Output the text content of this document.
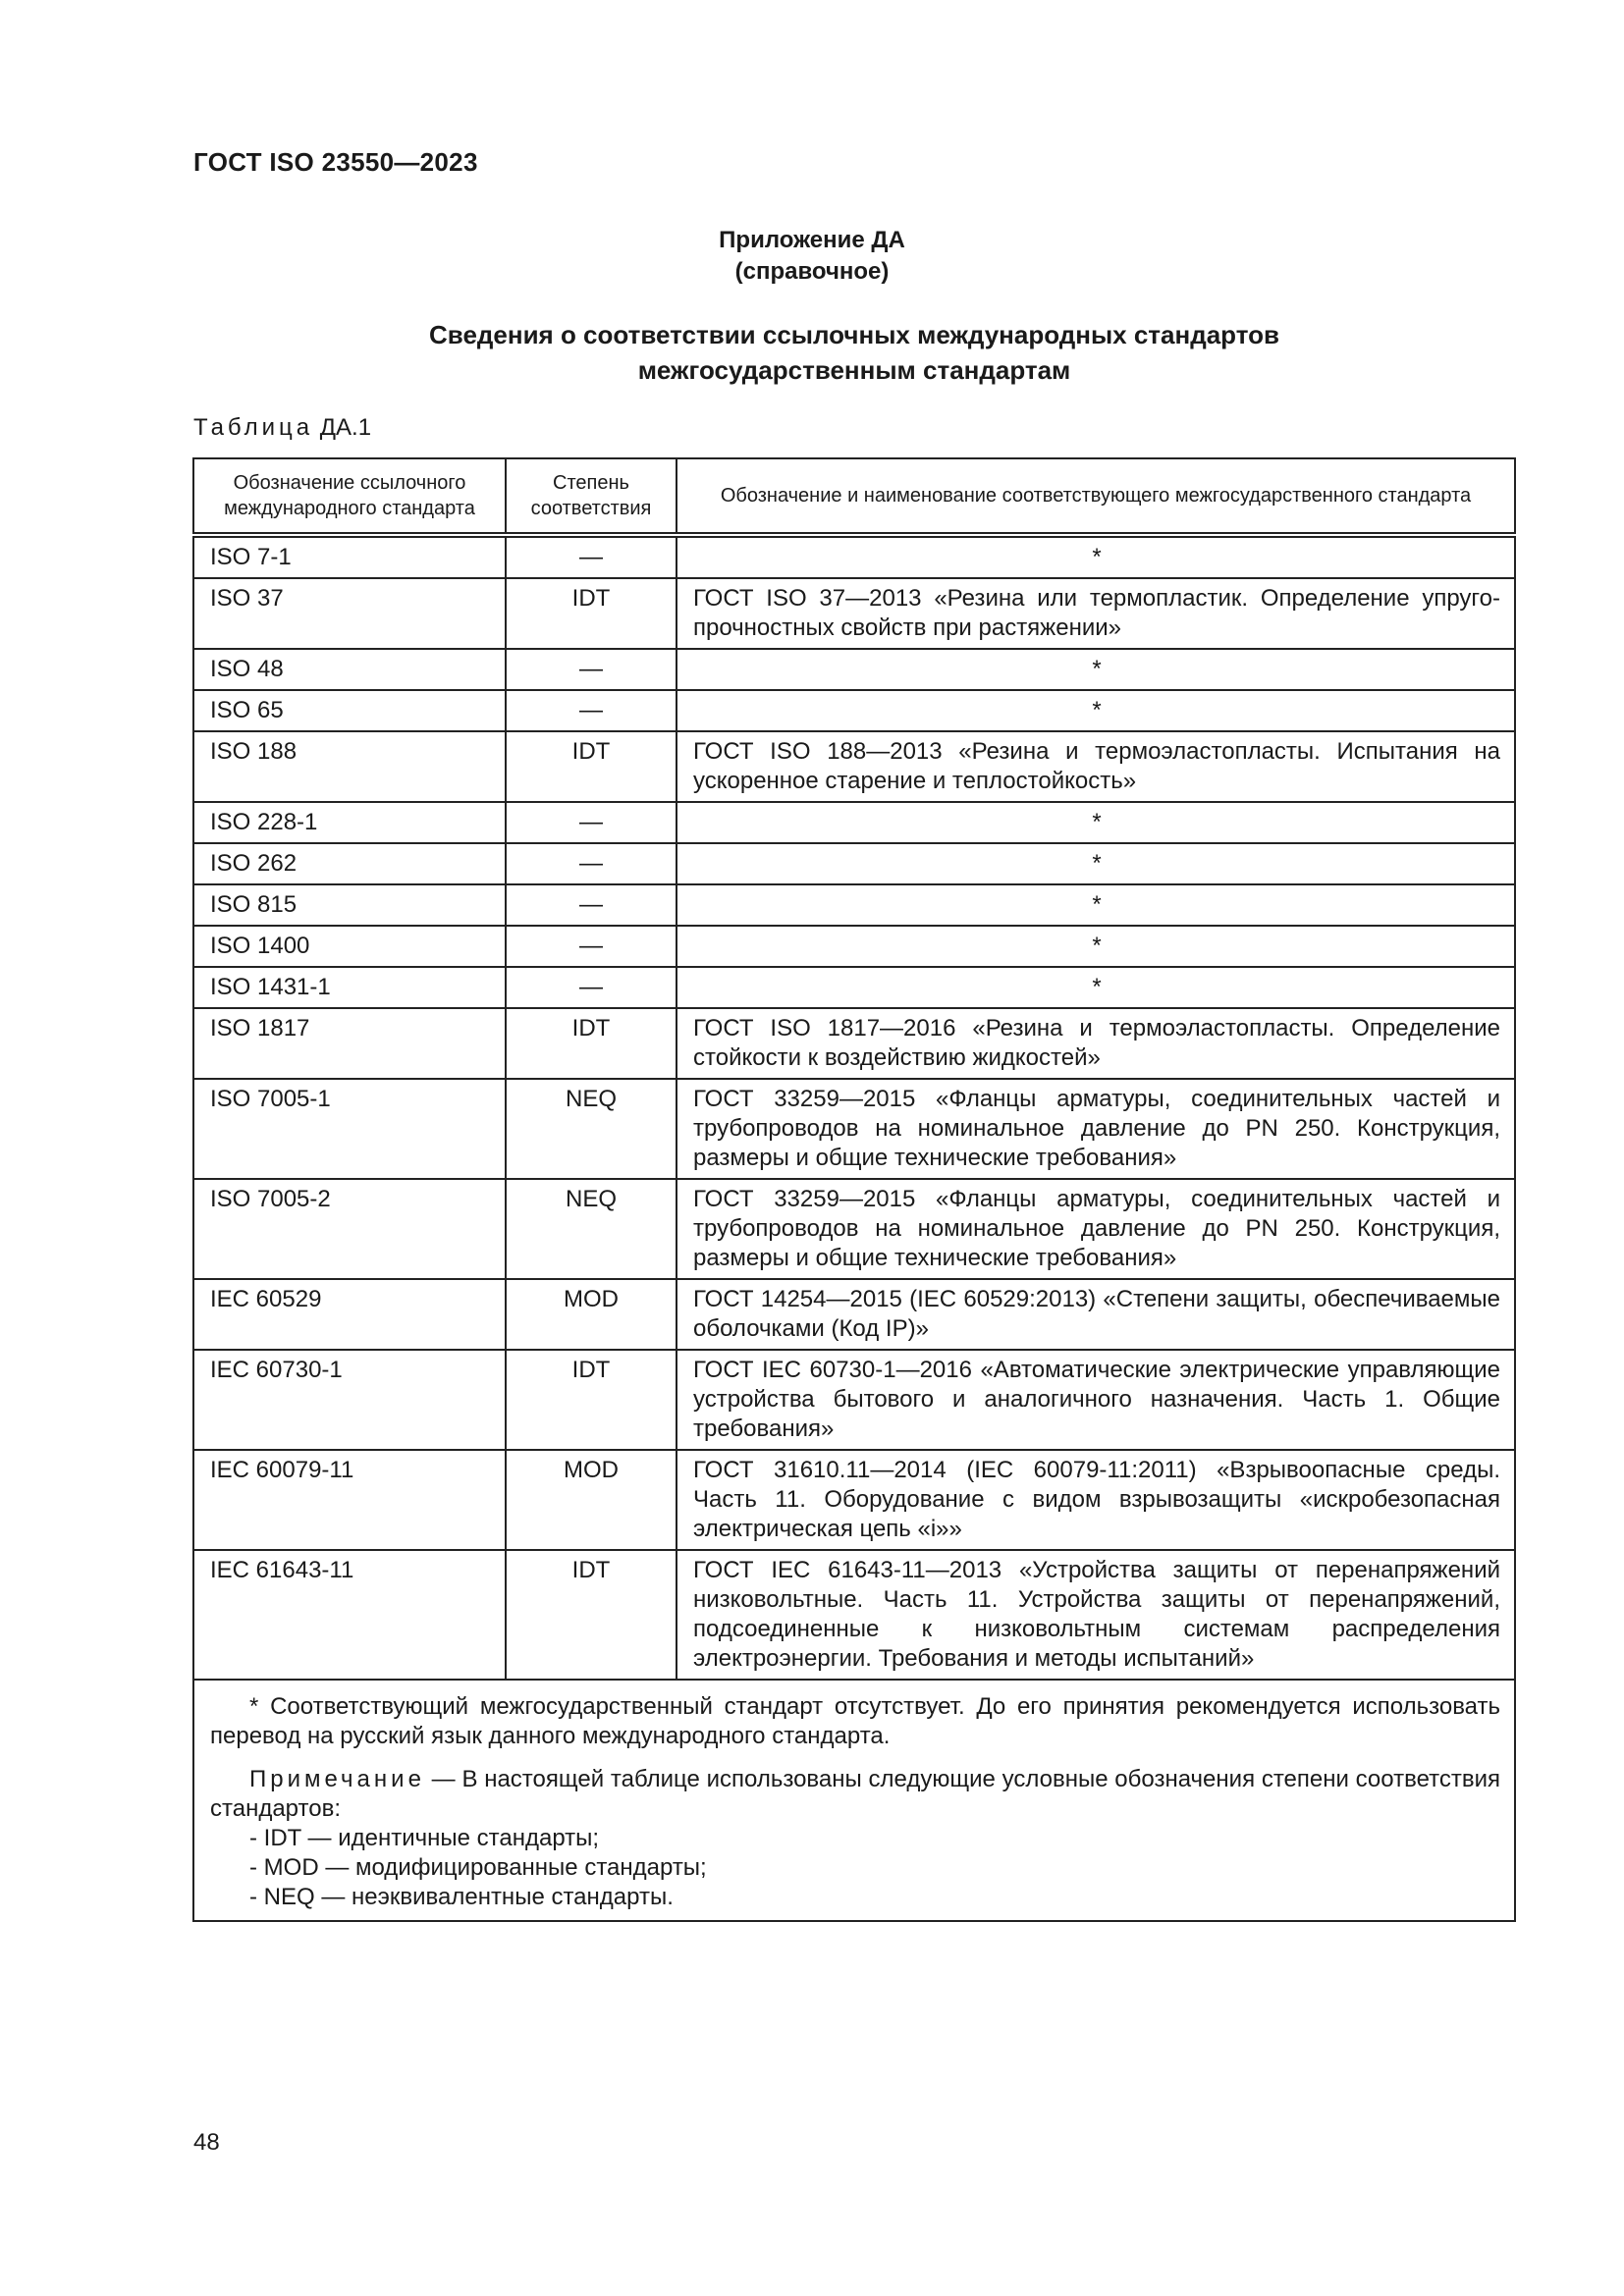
ГОСТ ISO 23550—2023
Приложение ДА
(справочное)
Сведения о соответствии ссылочных международных стандартов
межгосударственным стандартам
Таблица ДА.1
Обозначение ссылочного международного стандарта	Степень соответствия	Обозначение и наименование соответствующего межгосударственного стандарта
ISO 7-1	—	*
ISO 37	IDT	ГОСТ ISO 37—2013 «Резина или термопластик. Определение упруго-прочностных свойств при растяжении»
ISO 48	—	*
ISO 65	—	*
ISO 188	IDT	ГОСТ ISO 188—2013 «Резина и термоэластопласты. Испытания на ускоренное старение и теплостойкость»
ISO 228-1	—	*
ISO 262	—	*
ISO 815	—	*
ISO 1400	—	*
ISO 1431-1	—	*
ISO 1817	IDT	ГОСТ ISO 1817—2016 «Резина и термоэластопласты. Определение стойкости к воздействию жидкостей»
ISO 7005-1	NEQ	ГОСТ 33259—2015 «Фланцы арматуры, соединительных частей и трубопроводов на номинальное давление до PN 250. Конструкция, размеры и общие технические требования»
ISO 7005-2	NEQ	ГОСТ 33259—2015 «Фланцы арматуры, соединительных частей и трубопроводов на номинальное давление до PN 250. Конструкция, размеры и общие технические требования»
IEC 60529	MOD	ГОСТ 14254—2015 (IEC 60529:2013) «Степени защиты, обеспечиваемые оболочками (Код IP)»
IEC 60730-1	IDT	ГОСТ IEC 60730-1—2016 «Автоматические электрические управляющие устройства бытового и аналогичного назначения. Часть 1. Общие требования»
IEC 60079-11	MOD	ГОСТ 31610.11—2014 (IEC 60079-11:2011) «Взрывоопасные среды. Часть 11. Оборудование с видом взрывозащиты «искробезопасная электрическая цепь «i»»
IEC 61643-11	IDT	ГОСТ IEC 61643-11—2013 «Устройства защиты от перенапряжений низковольтные. Часть 11. Устройства защиты от перенапряжений, подсоединенные к низковольтным системам распределения электроэнергии. Требования и методы испытаний»

* Соответствующий межгосударственный стандарт отсутствует. До его принятия рекомендуется использовать перевод на русский язык данного международного стандарта.

Примечание — В настоящей таблице использованы следующие условные обозначения степени соответствия стандартов:

- IDT — идентичные стандарты;

- MOD — модифицированные стандарты;

- NEQ — неэквивалентные стандарты.

48
